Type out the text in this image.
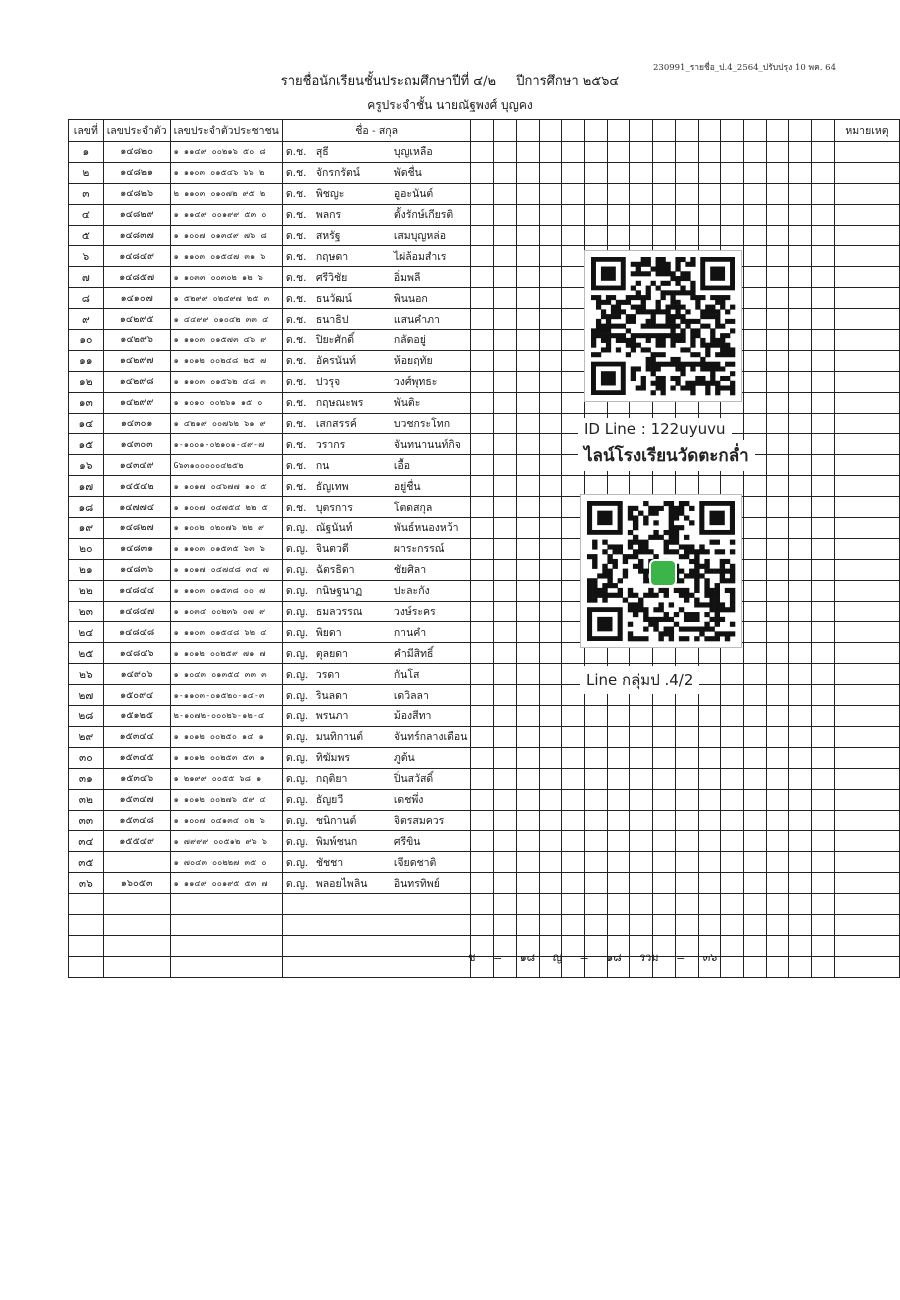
230991_รายชื่อ_ป.4_2564_ปรับปรุง 10 พค. 64
รายชื่อนักเรียนชั้นประถมศึกษาปีที่ ๔/๒ ปีการศึกษา ๒๕๖๔
ครูประจำชั้น นายณัฐพงศ์ บุญคง
เลขที่	เลขประจำตัว	เลขประจำตัวประชาชน	ชื่อ - สกุล																	หมายเหตุ
๑	๑๔๘๒๐	๑ ๑๑๔๙ ๐๐๒๑๖ ๕๐ ๘	ด.ช. สุธี บุญเหลือ																	
๒	๑๔๘๒๑	๑ ๑๑๐๓ ๐๑๕๔๖ ๖๖ ๒	ด.ช. จักรกรัตน์ พัดชื่น																	
๓	๑๔๘๒๖	๒ ๑๑๐๓ ๐๑๐๗๒ ๙๕ ๒	ด.ช. พิชญะ อูอะนันต์																	
๔	๑๔๘๒๙	๑ ๑๑๔๙ ๐๐๑๙๙ ๕๓ ๐	ด.ช. พลกร ตั้งรักษ์เกียรติ																	
๕	๑๔๘๓๗	๑ ๑๐๐๗ ๐๑๓๔๙ ๗๖ ๘	ด.ช. สหรัฐ เสมบุญหล่อ																	
๖	๑๔๘๔๙	๑ ๑๑๐๓ ๐๑๕๔๗ ๓๑ ๖	ด.ช. กฤษดา ไผ่ล้อมสำเร																	
๗	๑๔๘๕๗	๑ ๑๐๓๓ ๐๐๓๐๒ ๑๒ ๖	ด.ช. ศรีวิชัย อิ่มพลี																	
๘	๑๔๑๐๗	๑ ๕๒๙๙ ๐๒๔๙๗ ๒๕ ๓	ด.ช. ธนวัฒน์ พินนอก																	
๙	๑๔๒๙๕	๑ ๔๔๙๙ ๐๑๐๔๒ ๓๓ ๔	ด.ช. ธนาธิป แสนคำภา																	
๑๐	๑๔๒๙๖	๑ ๑๑๐๓ ๐๑๕๗๓ ๔๖ ๙	ด.ช. ปิยะศักดิ์ กลัดอยู่																	
๑๑	๑๔๒๙๗	๑ ๑๐๑๒ ๐๐๒๔๘ ๒๕ ๗	ด.ช. อัครนันท์ ห้อยฤทัย																	
๑๒	๑๔๒๙๘	๑ ๑๑๐๓ ๐๑๕๖๒ ๔๘ ๓	ด.ช. ปวรุจ วงศ์พุทธะ																	
๑๓	๑๔๒๙๙	๑ ๑๐๑๐ ๐๐๒๖๑ ๑๕ ๐	ด.ช. กฤษณะพร พันติะ																	
๑๔	๑๔๓๐๑	๑ ๔๒๑๙ ๐๐๗๖๒ ๖๑ ๙	ด.ช. เสกสรรค์ บวชกระโทก																	
๑๕	๑๔๓๐๓	๑-๑๐๐๑-๐๒๑๐๑-๔๙-๗	ด.ช. วรากร จันทนานนท์กิจ																	
๑๖	๑๔๓๔๙	G๖๓๑๐๐๐๐๐๔๒๕๒	ด.ช. กน เอื้อ																	
๑๗	๑๔๕๔๒	๑ ๑๐๑๗ ๐๔๖๗๗ ๑๐ ๕	ด.ช. ธัญเทพ อยู่ชื่น																	
๑๘	๑๔๗๗๔	๑ ๑๐๐๗ ๐๔๗๕๔ ๒๒ ๕	ด.ช. บุตรการ โตดสกุล																	
๑๙	๑๔๘๒๗	๑ ๑๐๐๒ ๐๒๐๗๖ ๒๒ ๙	ด.ญ. ณัฐนันท์ พันธ์หนองหว้า																	
๒๐	๑๔๘๓๑	๑ ๑๑๐๓ ๐๑๕๓๕ ๖๓ ๖	ด.ญ. จินตวดี ผาระกรรณ์																	
๒๑	๑๔๘๓๖	๑ ๑๐๑๗ ๐๔๗๔๘ ๓๔ ๗	ด.ญ. ฉัตรธิดา ชัยศิลา																	
๒๒	๑๔๘๔๔	๑ ๑๑๐๓ ๐๑๕๓๘ ๐๐ ๗	ด.ญ. กนิษฐนาฏ ปะละกัง																	
๒๓	๑๔๘๔๗	๑ ๑๐๓๔ ๐๐๒๓๖ ๐๗ ๙	ด.ญ. ธมลวรรณ วงษ์ระคร																	
๒๔	๑๔๘๔๘	๑ ๑๑๐๓ ๐๑๕๔๘ ๖๒ ๔	ด.ญ. พิยดา กานคำ																	
๒๕	๑๔๘๔๖	๑ ๑๐๑๒ ๐๐๒๕๙ ๗๑ ๗	ด.ญ. ตุลยดา คำมีสิทธิ์																	
๒๖	๑๔๙๐๖	๑ ๑๐๔๓ ๐๑๓๕๔ ๓๓ ๓	ด.ญ. วรดา กันโส																	
๒๗	๑๕๐๙๔	๑-๑๑๐๓-๐๑๕๒๐-๑๔-๓	ด.ญ. รินลดา เดวิลลา																	
๒๘	๑๕๑๒๕	๒-๑๐๗๒-๐๐๐๒๖-๑๒-๔	ด.ญ. พรนภา ม้องสีทา																	
๒๙	๑๕๓๔๔	๑ ๑๐๑๒ ๐๐๒๕๐ ๑๔ ๑	ด.ญ. มนทิกานต์ จันทร์กลางเดือน																	
๓๐	๑๕๓๔๕	๑ ๑๐๑๒ ๐๐๒๕๓ ๕๓ ๑	ด.ญ. ทิฆัมพร ภูต้น																	
๓๑	๑๕๓๔๖	๑ ๒๑๙๙ ๐๐๕๕ ๖๘ ๑	ด.ญ. กฤติยา ปิ่นสวัสดิ์																	
๓๒	๑๕๓๔๗	๑ ๑๐๑๒ ๐๐๒๗๖ ๕๙ ๔	ด.ญ. ธัญยวี เดชพึ่ง																	
๓๓	๑๕๓๔๘	๑ ๑๐๐๗ ๐๔๑๓๔ ๐๒ ๖	ด.ญ. ชนิกานต์ จิตรสมควร																	
๓๔	๑๕๕๔๙	๑ ๗๙๙๙ ๐๐๕๑๒ ๙๖ ๖	ด.ญ. พิมพ์ชนก ศรีขิน																	
๓๕		๑ ๗๐๔๓ ๐๐๒๒๗ ๓๕ ๐	ด.ญ. ชัชชา เจียดชาติ																	
๓๖	๑๖๐๕๓	๑ ๑๑๔๙ ๐๐๑๙๕ ๕๓ ๗	ด.ญ. พลอยไพลิน อินทรทิพย์																	

ID Line : 122uyuvu
ไลน์โรงเรียนวัดตะกล่ำ
Line กลุ่มป .4/2
ช = ๑๘ ญ = ๑๘ รวม = ๓๖
